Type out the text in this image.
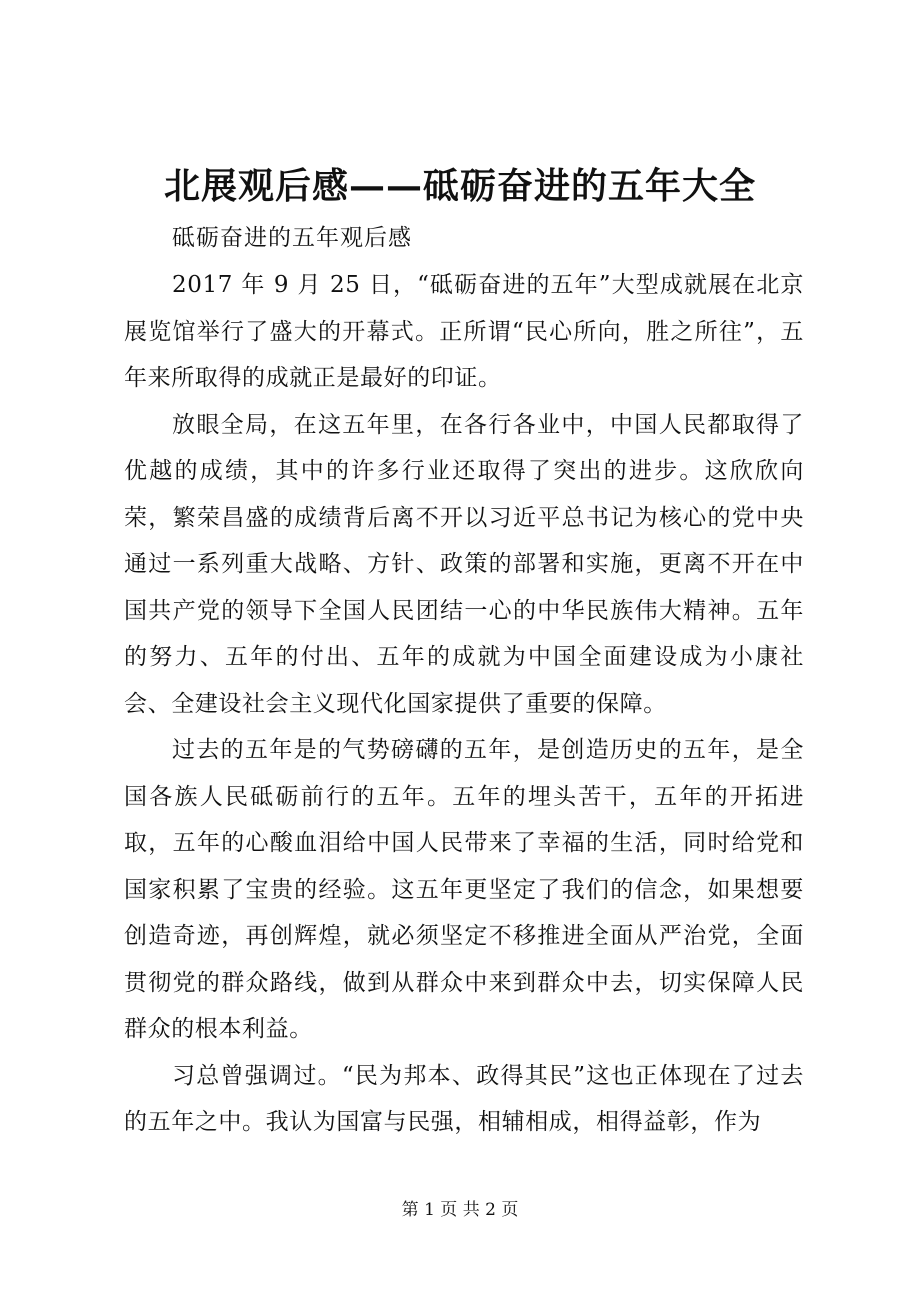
北展观后感——砥砺奋进的五年大全

砥砺奋进的五年观后感

2017 年 9 月 25 日，“砥砺奋进的五年”大型成就展在北京展览馆举行了盛大的开幕式。正所谓“民心所向，胜之所往”，五年来所取得的成就正是最好的印证。

放眼全局，在这五年里，在各行各业中，中国人民都取得了优越的成绩，其中的许多行业还取得了突出的进步。这欣欣向荣，繁荣昌盛的成绩背后离不开以习近平总书记为核心的党中央通过一系列重大战略、方针、政策的部署和实施，更离不开在中国共产党的领导下全国人民团结一心的中华民族伟大精神。五年的努力、五年的付出、五年的成就为中国全面建设成为小康社会、全建设社会主义现代化国家提供了重要的保障。

过去的五年是的气势磅礴的五年，是创造历史的五年，是全国各族人民砥砺前行的五年。五年的埋头苦干，五年的开拓进取，五年的心酸血泪给中国人民带来了幸福的生活，同时给党和国家积累了宝贵的经验。这五年更坚定了我们的信念，如果想要创造奇迹，再创辉煌，就必须坚定不移推进全面从严治党，全面贯彻党的群众路线，做到从群众中来到群众中去，切实保障人民群众的根本利益。

习总曾强调过。“民为邦本、政得其民”这也正体现在了过去的五年之中。我认为国富与民强，相辅相成，相得益彰，作为

第 1 页 共 2 页
